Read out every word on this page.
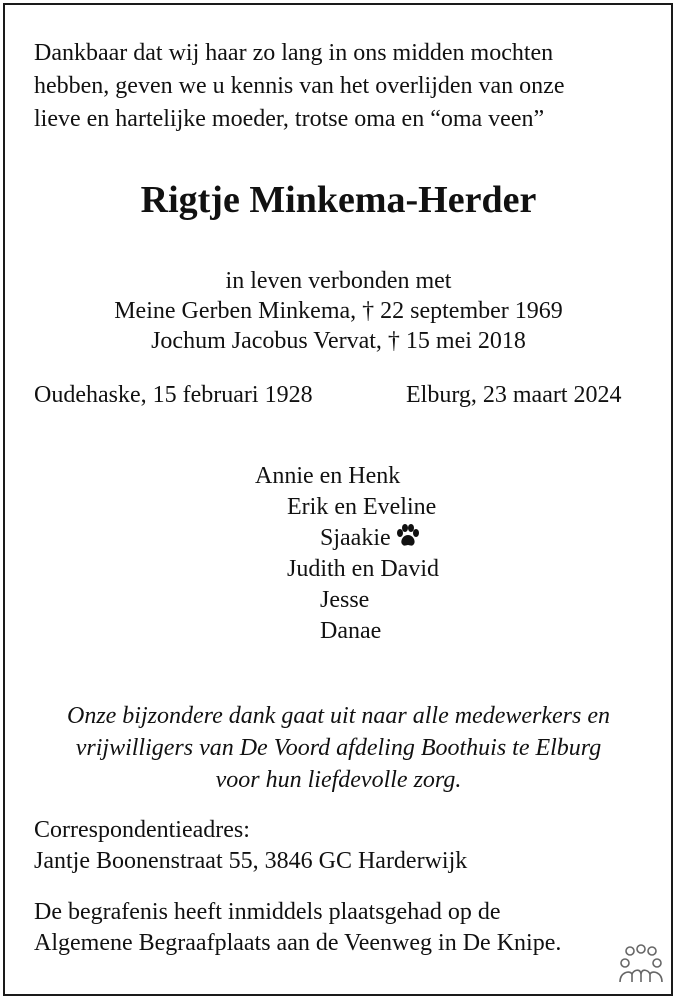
Dankbaar dat wij haar zo lang in ons midden mochten

hebben, geven we u kennis van het overlijden van onze

lieve en hartelijke moeder, trotse oma en “oma veen”

Rigtje Minkema-Herder

in leven verbonden met

Meine Gerben Minkema, † 22 september 1969

Jochum Jacobus Vervat, † 15 mei 2018

Oudehaske, 15 februari 1928	Elburg, 23 maart 2024

Annie en Henk

Erik en Eveline

Sjaakie

Judith en David

Jesse

Danae

Onze bijzondere dank gaat uit naar alle medewerkers en

vrijwilligers van De Voord afdeling Boothuis te Elburg

voor hun liefdevolle zorg.

Correspondentieadres:

Jantje Boonenstraat 55, 3846 GC Harderwijk

De begrafenis heeft inmiddels plaatsgehad op de

Algemene Begraafplaats aan de Veenweg in De Knipe.
